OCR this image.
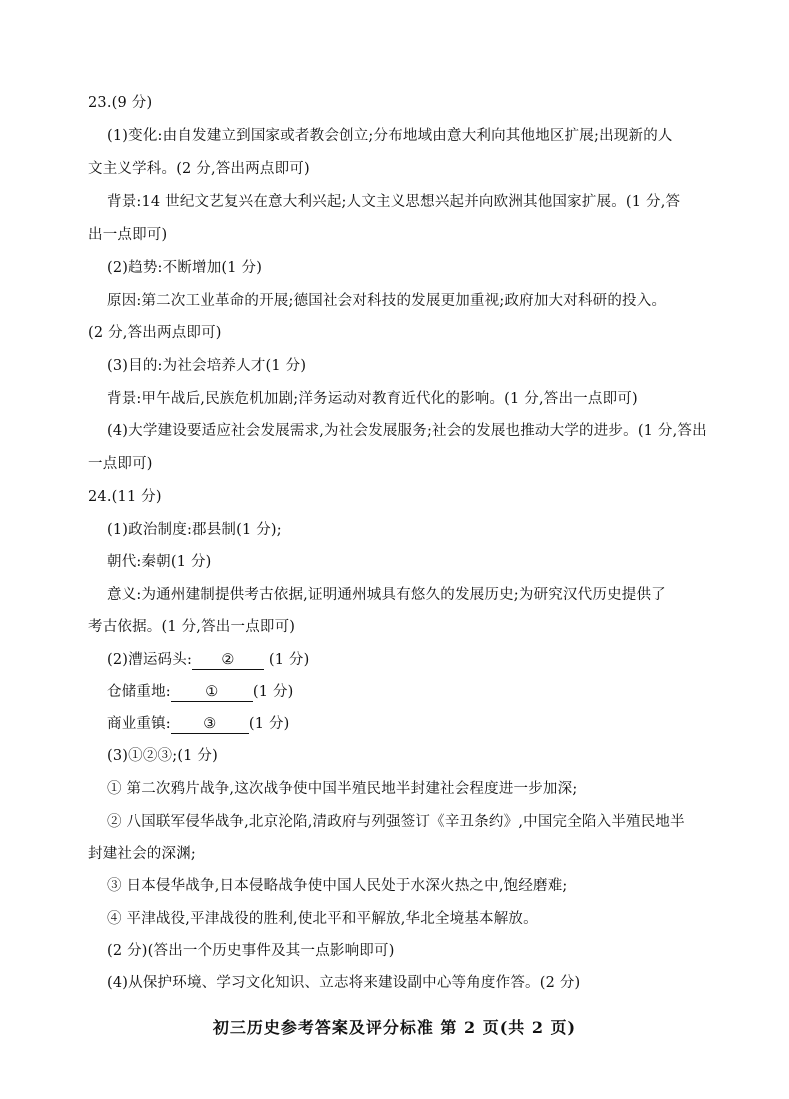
23.(9 分)
(1)变化:由自发建立到国家或者教会创立;分布地域由意大利向其他地区扩展;出现新的人
文主义学科。(2 分,答出两点即可)
背景:14 世纪文艺复兴在意大利兴起;人文主义思想兴起并向欧洲其他国家扩展。(1 分,答
出一点即可)
(2)趋势:不断增加(1 分)
原因:第二次工业革命的开展;德国社会对科技的发展更加重视;政府加大对科研的投入。
(2 分,答出两点即可)
(3)目的:为社会培养人才(1 分)
背景:甲午战后,民族危机加剧;洋务运动对教育近代化的影响。(1 分,答出一点即可)
(4)大学建设要适应社会发展需求,为社会发展服务;社会的发展也推动大学的进步。(1 分,答出
一点即可)
24.(11 分)
(1)政治制度:郡县制(1 分);
朝代:秦朝(1 分)
意义:为通州建制提供考古依据,证明通州城具有悠久的发展历史;为研究汉代历史提供了
考古依据。(1 分,答出一点即可)
(2)漕运码头: ② (1 分)
仓储重地: ① (1 分)
商业重镇: ③ (1 分)
(3)①②③;(1 分)
① 第二次鸦片战争,这次战争使中国半殖民地半封建社会程度进一步加深;
② 八国联军侵华战争,北京沦陷,清政府与列强签订《辛丑条约》,中国完全陷入半殖民地半
封建社会的深渊;
③ 日本侵华战争,日本侵略战争使中国人民处于水深火热之中,饱经磨难;
④ 平津战役,平津战役的胜利,使北平和平解放,华北全境基本解放。
(2 分)(答出一个历史事件及其一点影响即可)
(4)从保护环境、学习文化知识、立志将来建设副中心等角度作答。(2 分)
初三历史参考答案及评分标准 第 2 页(共 2 页)
